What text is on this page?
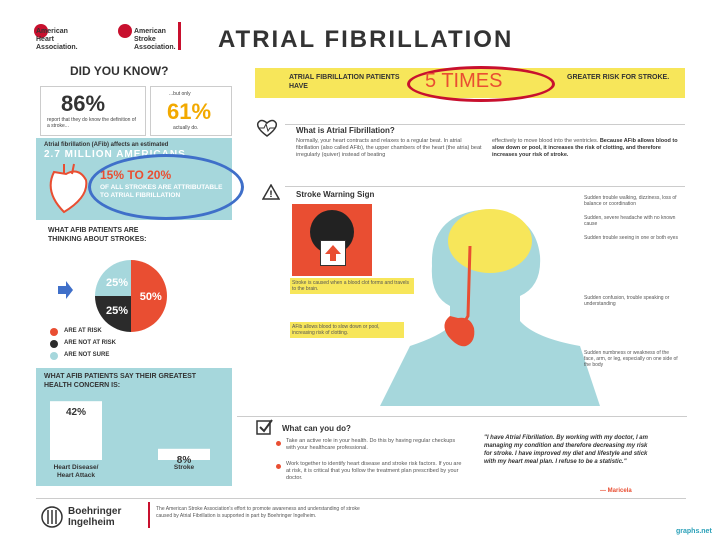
American
Heart
Association.
American
Stroke
Association. ATRIAL FIBRILLATION
DID YOU KNOW?
86%
report that they do know the definition of a stroke...
...but only
61%
actually do.
Atrial fibrillation (AFib) affects an estimated
2.7 MILLION AMERICANS
15% TO 20%
OF ALL STROKES ARE ATTRIBUTABLE TO ATRIAL FIBRILLATION
WHAT AFIB PATIENTS ARE THINKING ABOUT STROKES:
50%
25%
25%
ARE AT RISK
ARE NOT AT RISK
ARE NOT SURE
WHAT AFIB PATIENTS SAY THEIR GREATEST HEALTH CONCERN IS:
42%
Heart Disease/
Heart Attack
8%
Stroke
ATRIAL FIBRILLATION PATIENTS HAVE	5 TIMES	GREATER RISK FOR STROKE.
What is Atrial Fibrillation?
Normally, your heart contracts and relaxes to a regular beat. In atrial fibrillation (also called AFib), the upper chambers of the heart (the atria) beat irregularly (quiver) instead of beating
effectively to move blood into the ventricles. Because AFib allows blood to slow down or pool, it increases the risk of clotting, and therefore increases your risk of stroke.
!	Stroke Warning Sign
Stroke is caused when a blood clot forms and travels to the brain.
AFib allows blood to slow down or pool, increasing risk of clotting.
Sudden trouble walking, dizziness, loss of balance or coordination
Sudden, severe headache with no known cause
Sudden trouble seeing in one or both eyes
Sudden confusion, trouble speaking or understanding
Sudden numbness or weakness of the face, arm, or leg, especially on one side of the body
What can you do?
Take an active role in your health. Do this by having regular checkups with your healthcare professional.
Work together to identify heart disease and stroke risk factors. If you are at risk, it is critical that you follow the treatment plan prescribed by your doctor.
"I have Atrial Fibrillation. By working with my doctor, I am managing my condition and therefore decreasing my risk for stroke. I have improved my diet and lifestyle and stick with my heart meal plan. I refuse to be a statistic."
— Maricela
Boehringer
Ingelheim
The American Stroke Association's effort to promote awareness and understanding of stroke caused by Atrial Fibrillation is supported in part by Boehringer Ingelheim.
graphs.net
